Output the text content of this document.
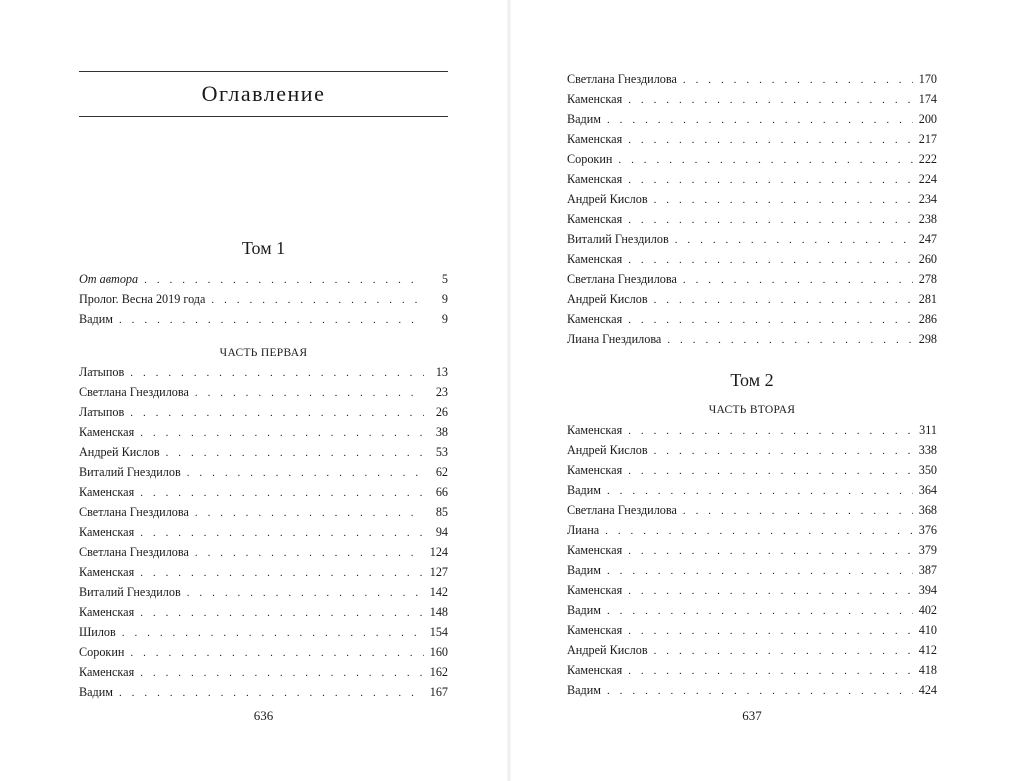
Оглавление
Том 1
От автора . . .	5
Пролог. Весна 2019 года . . .	9
Вадим . . .	9
ЧАСТЬ ПЕРВАЯ
Латыпов . . .	13
Светлана Гнездилова . . .	23
Латыпов . . .	26
Каменская . . .	38
Андрей Кислов . . .	53
Виталий Гнездилов . . .	62
Каменская . . .	66
Светлана Гнездилова . . .	85
Каменская . . .	94
Светлана Гнездилова . . .	124
Каменская . . .	127
Виталий Гнездилов . . .	142
Каменская . . .	148
Шилов . . .	154
Сорокин . . .	160
Каменская . . .	162
Вадим . . .	167
636
Светлана Гнездилова . . .	170
Каменская . . .	174
Вадим . . .	200
Каменская . . .	217
Сорокин . . .	222
Каменская . . .	224
Андрей Кислов . . .	234
Каменская . . .	238
Виталий Гнездилов . . .	247
Каменская . . .	260
Светлана Гнездилова . . .	278
Андрей Кислов . . .	281
Каменская . . .	286
Лиана Гнездилова . . .	298
Том 2
ЧАСТЬ ВТОРАЯ
Каменская . . .	311
Андрей Кислов . . .	338
Каменская . . .	350
Вадим . . .	364
Светлана Гнездилова . . .	368
Лиана . . .	376
Каменская . . .	379
Вадим . . .	387
Каменская . . .	394
Вадим . . .	402
Каменская . . .	410
Андрей Кислов . . .	412
Каменская . . .	418
Вадим . . .	424
637
